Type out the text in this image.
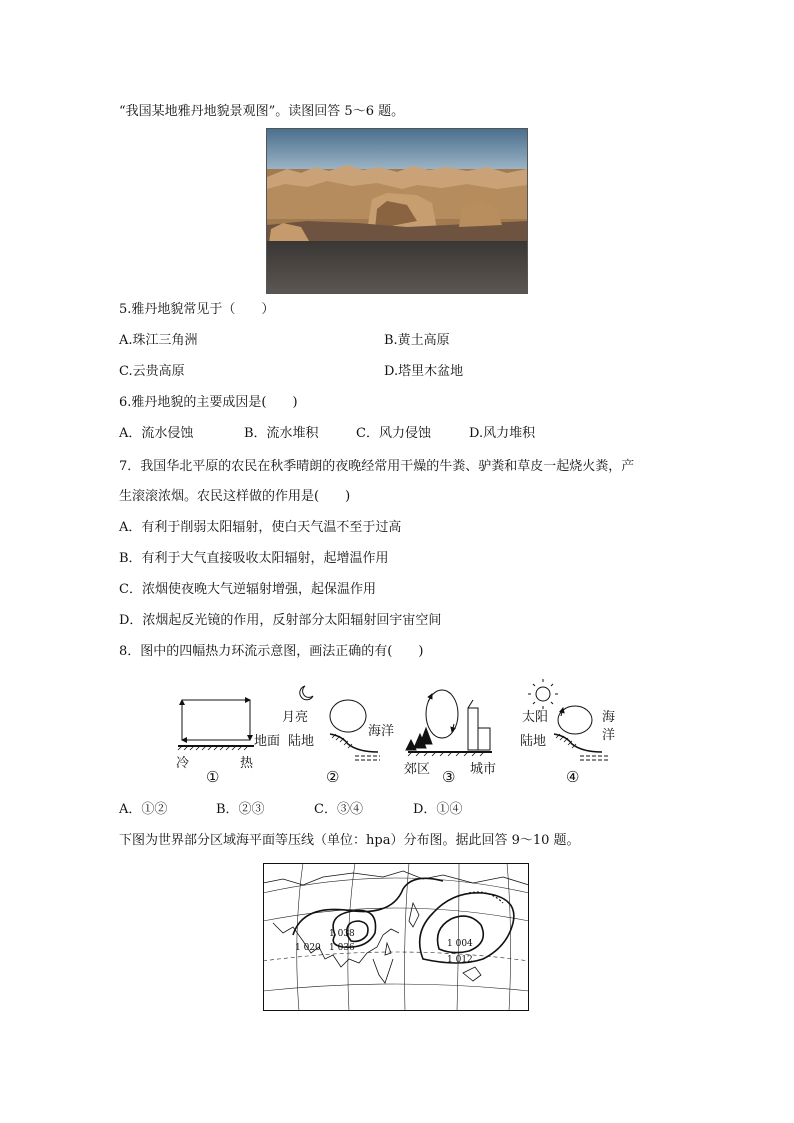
“我国某地雅丹地貌景观图”。读图回答 5～6 题。
5.雅丹地貌常见于（　　）
A.珠江三角洲	B.黄土高原
C.云贵高原	D.塔里木盆地
6.雅丹地貌的主要成因是(　　)
A．流水侵蚀	B．流水堆积	C．风力侵蚀	D.风力堆积
7．我国华北平原的农民在秋季晴朗的夜晚经常用干燥的牛粪、驴粪和草皮一起烧火粪，产
生滚滚浓烟。农民这样做的作用是(　　)
A．有利于削弱太阳辐射，使白天气温不至于过高
B．有利于大气直接吸收太阳辐射，起增温作用
C．浓烟使夜晚大气逆辐射增强，起保温作用
D．浓烟起反光镜的作用，反射部分太阳辐射回宇宙空间
8．图中的四幅热力环流示意图，画法正确的有(　　)
冷	热
地面
①
月亮
陆地
海洋
②	郊区	城市
③
太阳
陆地
海
洋
④
A．①②	B．②③	C．③④	D．①④
下图为世界部分区域海平面等压线（单位：hpa）分布图。据此回答 9～10 题。
1 038
1 036
1 020	1 004
1 012
